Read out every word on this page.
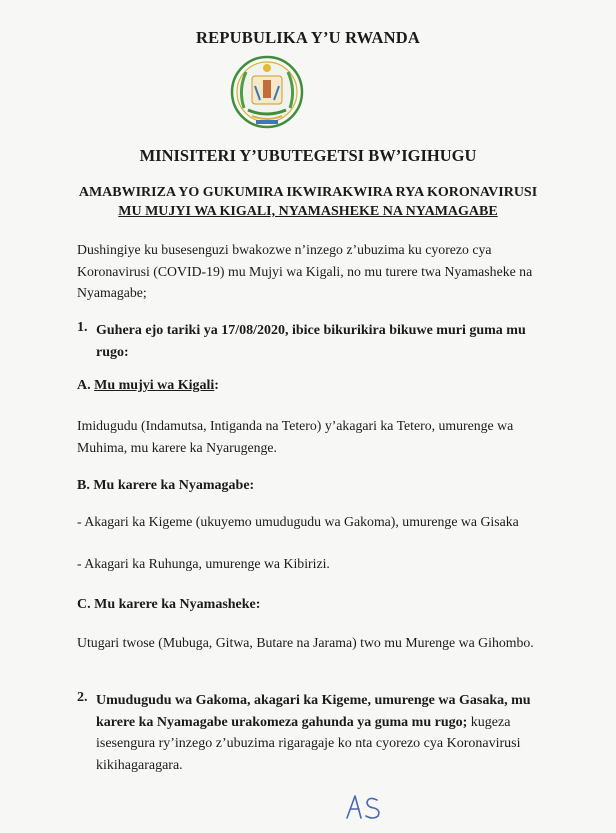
REPUBULIKA Y’U RWANDA
MINISITERI Y’UBUTEGETSI BW’IGIHUGU
AMABWIRIZA YO GUKUMIRA IKWIRAKWIRA RYA KORONAVIRUSI
MU MUJYI WA KIGALI, NYAMASHEKE NA NYAMAGABE
Dushingiye ku busesenguzi bwakozwe n’inzego z’ubuzima ku cyorezo cya Koronavirusi (COVID-19) mu Mujyi wa Kigali, no mu turere twa Nyamasheke na Nyamagabe;
1. Guhera ejo tariki ya 17/08/2020, ibice bikurikira bikuwe muri guma mu rugo:
A. Mu mujyi wa Kigali:
Imidugudu (Indamutsa, Intiganda na Tetero) y’akagari ka Tetero, umurenge wa Muhima, mu karere ka Nyarugenge.
B. Mu karere ka Nyamagabe:
- Akagari ka Kigeme (ukuyemo umudugudu wa Gakoma), umurenge wa Gisaka
- Akagari ka Ruhunga, umurenge wa Kibirizi.
C. Mu karere ka Nyamasheke:
Utugari twose (Mubuga, Gitwa, Butare na Jarama) two mu Murenge wa Gihombo.
2. Umudugudu wa Gakoma, akagari ka Kigeme, umurenge wa Gasaka, mu karere ka Nyamagabe urakomeza gahunda ya guma mu rugo; kugeza isesengura ry’inzego z’ubuzima rigaragaje ko nta cyorezo cya Koronavirusi kikihagaragara.
